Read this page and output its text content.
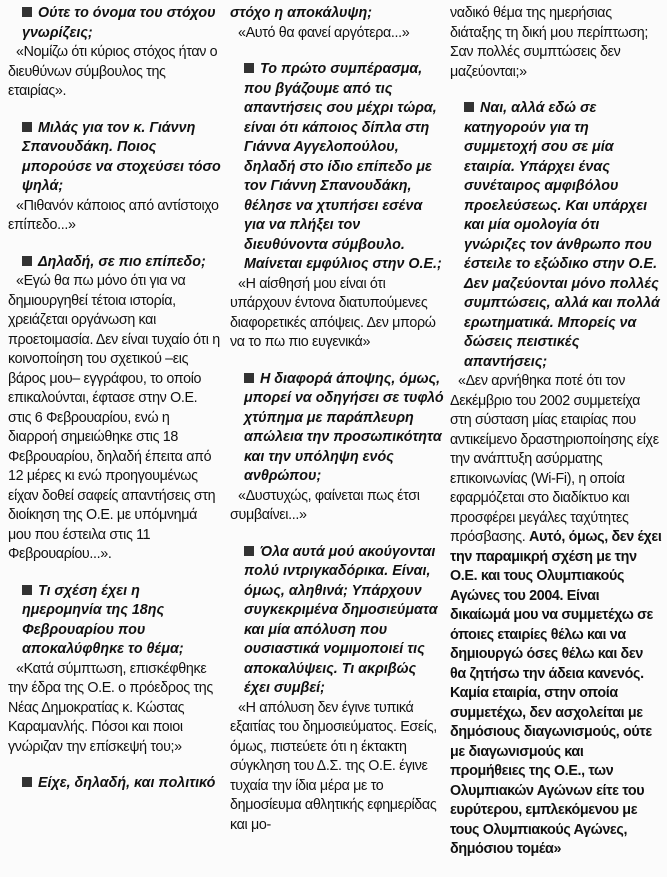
Ούτε το όνομα του στόχου γνωρίζεις;

«Νομίζω ότι κύριος στόχος ήταν ο διευθύνων σύμβουλος της εταιρίας».

Μιλάς για τον κ. Γιάννη Σπανουδάκη. Ποιος μπορούσε να στοχεύσει τόσο ψηλά;

«Πιθανόν κάποιος από αντίστοιχο επίπεδο...»

Δηλαδή, σε πιο επίπεδο;

«Εγώ θα πω μόνο ότι για να δημιουργηθεί τέτοια ιστορία, χρειάζεται οργάνωση και προετοιμασία. Δεν είναι τυχαίο ότι η κοινοποίηση του σχετικού –εις βάρος μου– εγγράφου, το οποίο επικαλούνται, έφτασε στην Ο.Ε. στις 6 Φεβρουαρίου, ενώ η διαρροή σημειώθηκε στις 18 Φεβρουαρίου, δηλαδή έπειτα από 12 μέρες κι ενώ προηγουμένως είχαν δοθεί σαφείς απαντήσεις στη διοίκηση της Ο.Ε. με υπόμνημά μου που έστειλα στις 11 Φεβρουαρίου...».

Τι σχέση έχει η ημερομηνία της 18ης Φεβρουαρίου που αποκαλύφθηκε το θέμα;

«Κατά σύμπτωση, επισκέφθηκε την έδρα της Ο.Ε. ο πρόεδρος της Νέας Δημοκρατίας κ. Κώστας Καραμανλής. Πόσοι και ποιοι γνώριζαν την επίσκεψή του;»

Είχε, δηλαδή, και πολιτικό

στόχο η αποκάλυψη;

«Αυτό θα φανεί αργότερα...»

Το πρώτο συμπέρασμα, που βγάζουμε από τις απαντήσεις σου μέχρι τώρα, είναι ότι κάποιος δίπλα στη Γιάννα Αγγελοπούλου, δηλαδή στο ίδιο επίπεδο με τον Γιάννη Σπανουδάκη, θέλησε να χτυπήσει εσένα για να πλήξει τον διευθύνοντα σύμβουλο. Μαίνεται εμφύλιος στην Ο.Ε.;

«Η αίσθησή μου είναι ότι υπάρχουν έντονα διατυπούμενες διαφορετικές απόψεις. Δεν μπορώ να το πω πιο ευγενικά»

Η διαφορά άποψης, όμως, μπορεί να οδηγήσει σε τυφλό χτύπημα με παράπλευρη απώλεια την προσωπικότητα και την υπόληψη ενός ανθρώπου;

«Δυστυχώς, φαίνεται πως έτσι συμβαίνει...»

Όλα αυτά μού ακούγονται πολύ ιντριγκαδόρικα. Είναι, όμως, αληθινά; Υπάρχουν συγκεκριμένα δημοσιεύματα και μία απόλυση που ουσιαστικά νομιμοποιεί τις αποκαλύψεις. Τι ακριβώς έχει συμβεί;

«Η απόλυση δεν έγινε τυπικά εξαιτίας του δημοσιεύματος. Εσείς, όμως, πιστεύετε ότι η έκτακτη σύγκληση του Δ.Σ. της Ο.Ε. έγινε τυχαία την ίδια μέρα με το δημοσίευμα αθλητικής εφημερίδας και μο-

ναδικό θέμα της ημερήσιας διάταξης τη δική μου περίπτωση; Σαν πολλές συμπτώσεις δεν μαζεύονται;»

Ναι, αλλά εδώ σε κατηγορούν για τη συμμετοχή σου σε μία εταιρία. Υπάρχει ένας συνέταιρος αμφιβόλου προελεύσεως. Και υπάρχει και μία ομολογία ότι γνώριζες τον άνθρωπο που έστειλε το εξώδικο στην Ο.Ε. Δεν μαζεύονται μόνο πολλές συμπτώσεις, αλλά και πολλά ερωτηματικά. Μπορείς να δώσεις πειστικές απαντήσεις;

«Δεν αρνήθηκα ποτέ ότι τον Δεκέμβριο του 2002 συμμετείχα στη σύσταση μίας εταιρίας που αντικείμενο δραστηριοποίησης είχε την ανάπτυξη ασύρματης επικοινωνίας (Wi-Fi), η οποία εφαρμόζεται στο διαδίκτυο και προσφέρει μεγάλες ταχύτητες πρόσβασης. Αυτό, όμως, δεν έχει την παραμικρή σχέση με την Ο.Ε. και τους Ολυμπιακούς Αγώνες του 2004. Είναι δικαίωμά μου να συμμετέχω σε όποιες εταιρίες θέλω και να δημιουργώ όσες θέλω και δεν θα ζητήσω την άδεια κανενός. Καμία εταιρία, στην οποία συμμετέχω, δεν ασχολείται με δημόσιους διαγωνισμούς, ούτε με διαγωνισμούς και προμήθειες της Ο.Ε., των Ολυμπιακών Αγώνων είτε του ευρύτερου, εμπλεκόμενου με τους Ολυμπιακούς Αγώνες, δημόσιου τομέα»
